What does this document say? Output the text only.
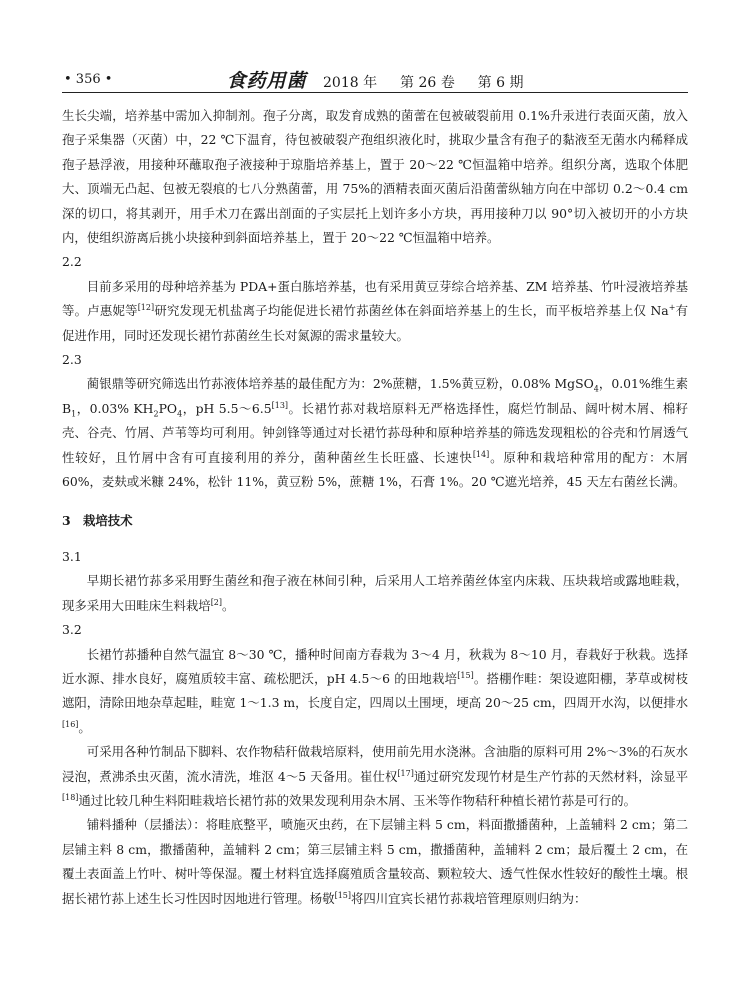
• 356 •	食药用菌 2018 年 　 第 26 卷 　 第 6 期

生长尖端，培养基中需加入抑制剂。孢子分离，取发育成熟的菌蕾在包被破裂前用 0.1%升汞进行表面灭菌，放入孢子采集器（灭菌）中，22 ℃下温育，待包被破裂产孢组织液化时，挑取少量含有孢子的黏液至无菌水内稀释成孢子悬浮液，用接种环蘸取孢子液接种于琼脂培养基上，置于 20～22 ℃恒温箱中培养。组织分离，选取个体肥大、顶端无凸起、包被无裂痕的七八分熟菌蕾，用 75%的酒精表面灭菌后沿菌蕾纵轴方向在中部切 0.2～0.4 cm 深的切口，将其剥开，用手术刀在露出剖面的子实层托上划许多小方块，再用接种刀以 90°切入被切开的小方块内，使组织游离后挑小块接种到斜面培养基上，置于 20～22 ℃恒温箱中培养。

2.2

目前多采用的母种培养基为 PDA+蛋白胨培养基，也有采用黄豆芽综合培养基、ZM 培养基、竹叶浸液培养基等。卢惠妮等[12]研究发现无机盐离子均能促进长裙竹荪菌丝体在斜面培养基上的生长，而平板培养基上仅 Na+有促进作用，同时还发现长裙竹荪菌丝生长对氮源的需求量较大。

2.3

蔺银鼎等研究筛选出竹荪液体培养基的最佳配方为：2%蔗糖，1.5%黄豆粉，0.08% MgSO$_4$，0.01%维生素 $B_1$，0.03% $KH_2PO_4$，pH 5.5～6.5[13]。长裙竹荪对栽培原料无严格选择性，腐烂竹制品、阔叶树木屑、棉籽壳、谷壳、竹屑、芦苇等均可利用。钟剑锋等通过对长裙竹荪母种和原种培养基的筛选发现粗松的谷壳和竹屑透气性较好，且竹屑中含有可直接利用的养分，菌种菌丝生长旺盛、长速快[14]。原种和栽培种常用的配方：木屑 60%，麦麸或米糠 24%，松针 11%，黄豆粉 5%，蔗糖 1%，石膏 1%。20 ℃遮光培养，45 天左右菌丝长满。

3　栽培技术

3.1

早期长裙竹荪多采用野生菌丝和孢子液在林间引种，后采用人工培养菌丝体室内床栽、压块栽培或露地畦栽，现多采用大田畦床生料栽培[2]。

3.2

长裙竹荪播种自然气温宜 8～30 ℃，播种时间南方春栽为 3～4 月，秋栽为 8～10 月，春栽好于秋栽。选择近水源、排水良好，腐殖质较丰富、疏松肥沃，pH 4.5～6 的田地栽培[15]。搭棚作畦：架设遮阳棚，茅草或树枝遮阳，清除田地杂草起畦，畦宽 1～1.3 m，长度自定，四周以土围埂，埂高 20～25 cm，四周开水沟，以便排水[16]。

可采用各种竹制品下脚料、农作物秸秆做栽培原料，使用前先用水浇淋。含油脂的原料可用 2%～3%的石灰水浸泡，煮沸杀虫灭菌，流水清洗，堆沤 4～5 天备用。崔仕权[17]通过研究发现竹材是生产竹荪的天然材料，涂显平[18]通过比较几种生料阳畦栽培长裙竹荪的效果发现利用杂木屑、玉米等作物秸秆种植长裙竹荪是可行的。

铺料播种（层播法）：将畦底整平，喷施灭虫药，在下层铺主料 5 cm，料面撒播菌种，上盖辅料 2 cm；第二层铺主料 8 cm，撒播菌种，盖辅料 2 cm；第三层铺主料 5 cm，撒播菌种，盖辅料 2 cm；最后覆土 2 cm，在覆土表面盖上竹叶、树叶等保湿。覆土材料宜选择腐殖质含量较高、颗粒较大、透气性保水性较好的酸性土壤。根据长裙竹荪上述生长习性因时因地进行管理。杨敬[15]将四川宜宾长裙竹荪栽培管理原则归纳为：
